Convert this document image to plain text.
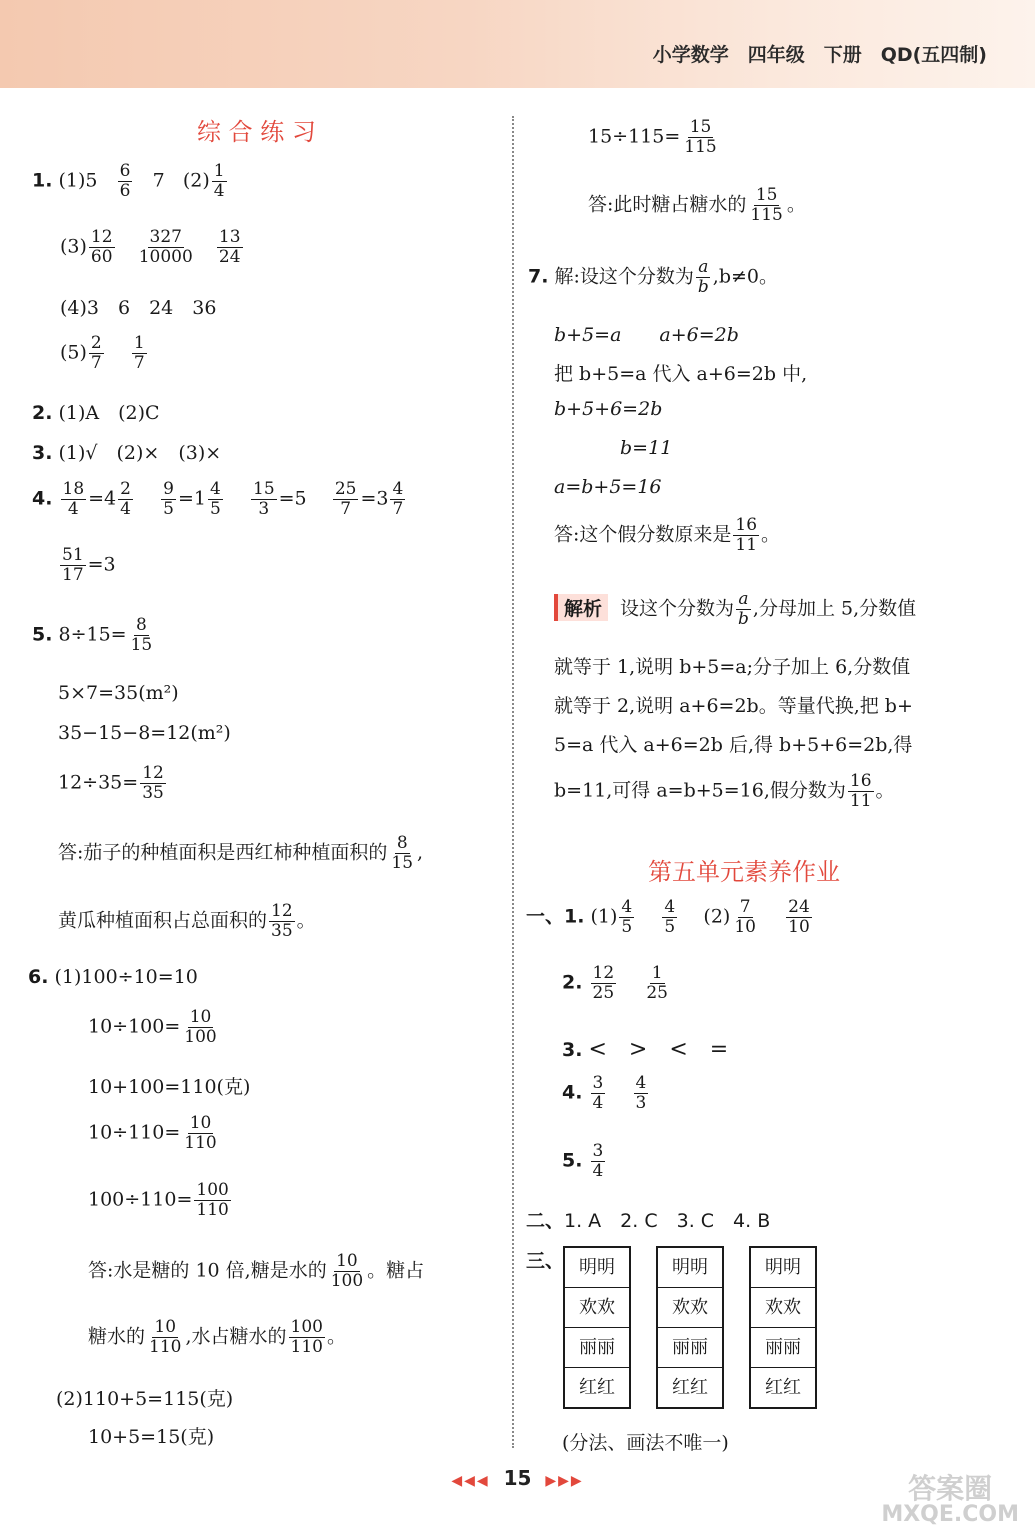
小学数学　四年级　下册　QD(五四制)
综 合 练 习
1. $(1)5 \frac{6}{6} 7$ $(2) \frac{1}{4}$
$(3) \frac{12}{60}$
$\frac{327}{10000}$
$\frac{13}{24}$
(4)3　6　24　36
$(5) \frac{2}{7}$
$\frac{1}{7}$
2. (1)A　(2)C
3. (1)√　(2)×　(3)×
4. $\frac{18}{4} =4 \frac{2}{4}$
$\frac{9}{5} =1 \frac{4}{5}$
$\frac{15}{3} =5 \frac{25}{7} =3 \frac{4}{7}$
$\frac{51}{17} =3$
5. $8\div 15= \frac{8}{15}$
5×7=35(m²)
35−15−8=12(m²)
$12\div 35= \frac{12}{35}$
答:茄子的种植面积是西红柿种植面积的 $\frac{8}{15}$ ,
黄瓜种植面积占总面积的 $\frac{12}{35}$ 。
6. (1)100÷10=10
$10\div 100= \frac{10}{100}$
10+100=110(克)
$10\div 110= \frac{10}{110}$
$100\div 110= \frac{100}{110}$
答:水是糖的 10 倍,糖是水的 $\frac{10}{100}$ 。糖占
糖水的 $\frac{10}{110}$ ,水占糖水的 $\frac{100}{110}$ 。
(2)110+5=115(克)
10+5=15(克)
$15\div 115= \frac{15}{115}$
答:此时糖占糖水的 $\frac{15}{115}$ 。
7. 解:设这个分数为 $\frac{a}{b} ,b\ne 0$。
b+5=a　　a+6=2b
把 b+5=a 代入 a+6=2b 中,
b+5+6=2b
b=11
a=b+5=16
答:这个假分数原来是 $\frac{16}{11}$ 。
解析 设这个分数为 $\frac{a}{b}$ ,分母加上 5,分数值
就等于 1,说明 b+5=a;分子加上 6,分数值
就等于 2,说明 a+6=2b。等量代换,把 b+
5=a 代入 a+6=2b 后,得 b+5+6=2b,得
b=11,可得 a=b+5=16,假分数为 $\frac{16}{11}$ 。
第五单元素养作业
一、1. $(1) \frac{4}{5}$
$\frac{4}{5} (2) \frac{7}{10}$
$\frac{24}{10}$
2. $\frac{12}{25}$
$\frac{1}{25}$
3. <　>　<　=
4. $\frac{3}{4}$
$\frac{4}{3}$
5. $\frac{3}{4}$
二、1. A　2. C　3. C　4. B
三、 明明
欢欢
丽丽
红红
明明
欢欢
丽丽
红红
明明
欢欢
丽丽
红红
(分法、画法不唯一)
◀◀◀ 15 ▶▶▶	答案圈
MXQE.COM
